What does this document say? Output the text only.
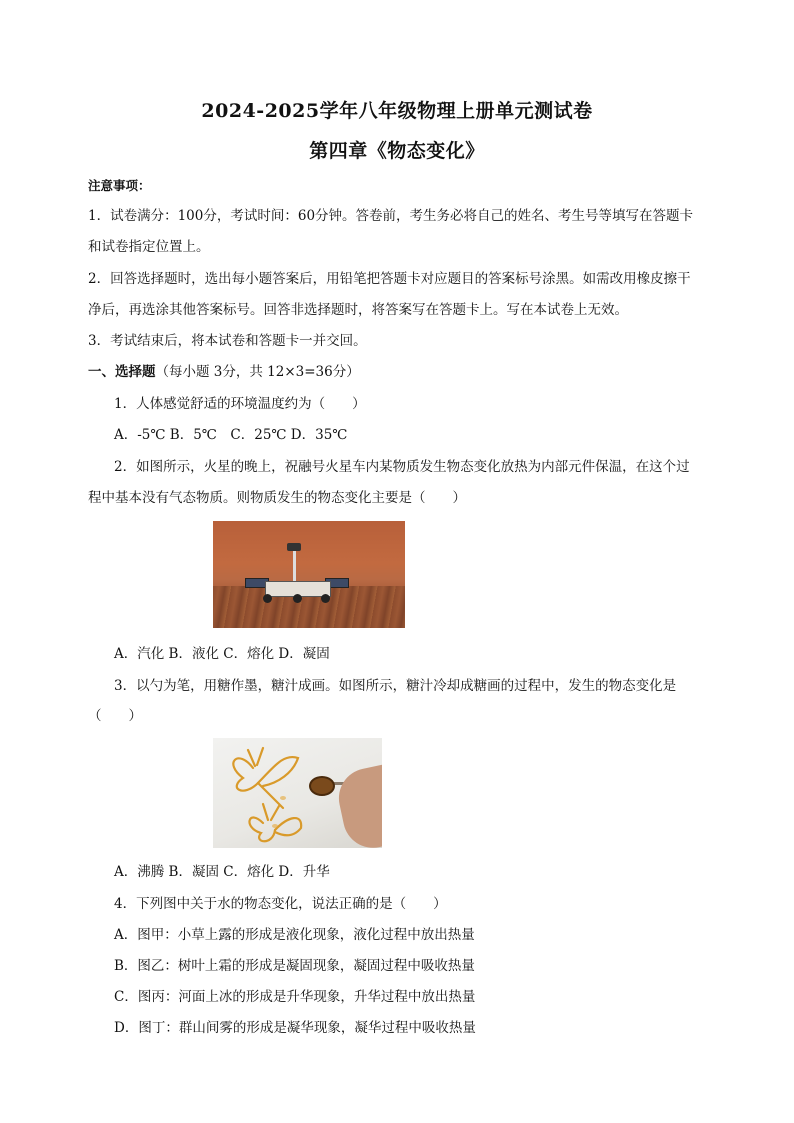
2024-2025学年八年级物理上册单元测试卷
第四章《物态变化》
注意事项：
1．试卷满分：100分，考试时间：60分钟。答卷前，考生务必将自己的姓名、考生号等填写在答题卡
和试卷指定位置上。
2．回答选择题时，选出每小题答案后，用铅笔把答题卡对应题目的答案标号涂黑。如需改用橡皮擦干
净后，再选涂其他答案标号。回答非选择题时，将答案写在答题卡上。写在本试卷上无效。
3．考试结束后，将本试卷和答题卡一并交回。
一、选择题（每小题 3分，共 12×3=36分）
1．人体感觉舒适的环境温度约为（　　）
A．-5℃ B．5℃　C．25℃ D．35℃
2．如图所示，火星的晚上，祝融号火星车内某物质发生物态变化放热为内部元件保温，在这个过
程中基本没有气态物质。则物质发生的物态变化主要是（　　）
A．汽化 B．液化 C．熔化 D．凝固
3．以勺为笔，用糖作墨，糖汁成画。如图所示，糖汁冷却成糖画的过程中，发生的物态变化是
（　　）
A．沸腾 B．凝固 C．熔化 D．升华
4．下列图中关于水的物态变化，说法正确的是（　　）
A．图甲：小草上露的形成是液化现象，液化过程中放出热量
B．图乙：树叶上霜的形成是凝固现象，凝固过程中吸收热量
C．图丙：河面上冰的形成是升华现象，升华过程中放出热量
D．图丁：群山间雾的形成是凝华现象，凝华过程中吸收热量
